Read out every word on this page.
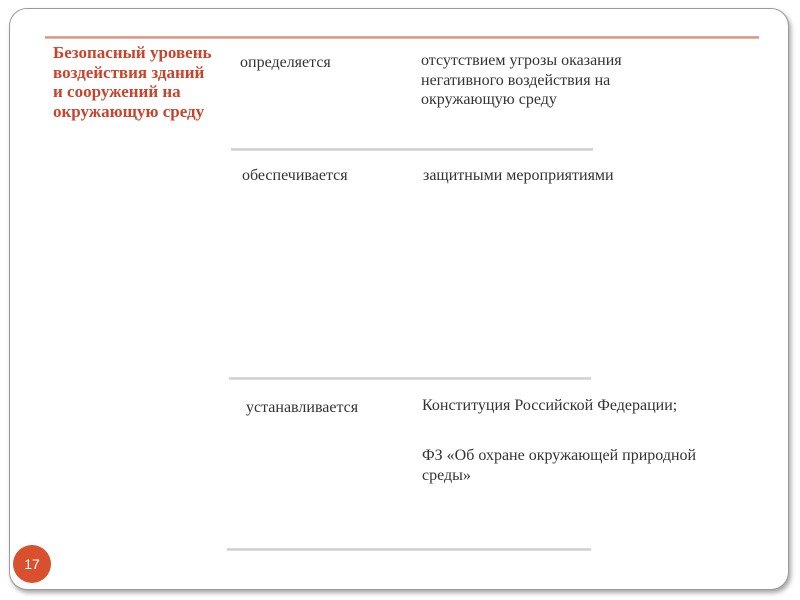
Безопасный уровень воздействия зданий и сооружений на окружающую среду
определяется	отсутствием угрозы оказания негативного воздействия на окружающую среду
обеспечивается	защитными мероприятиями
устанавливается	Конституция Российской Федерации;
ФЗ «Об охране окружающей природной среды»
17
